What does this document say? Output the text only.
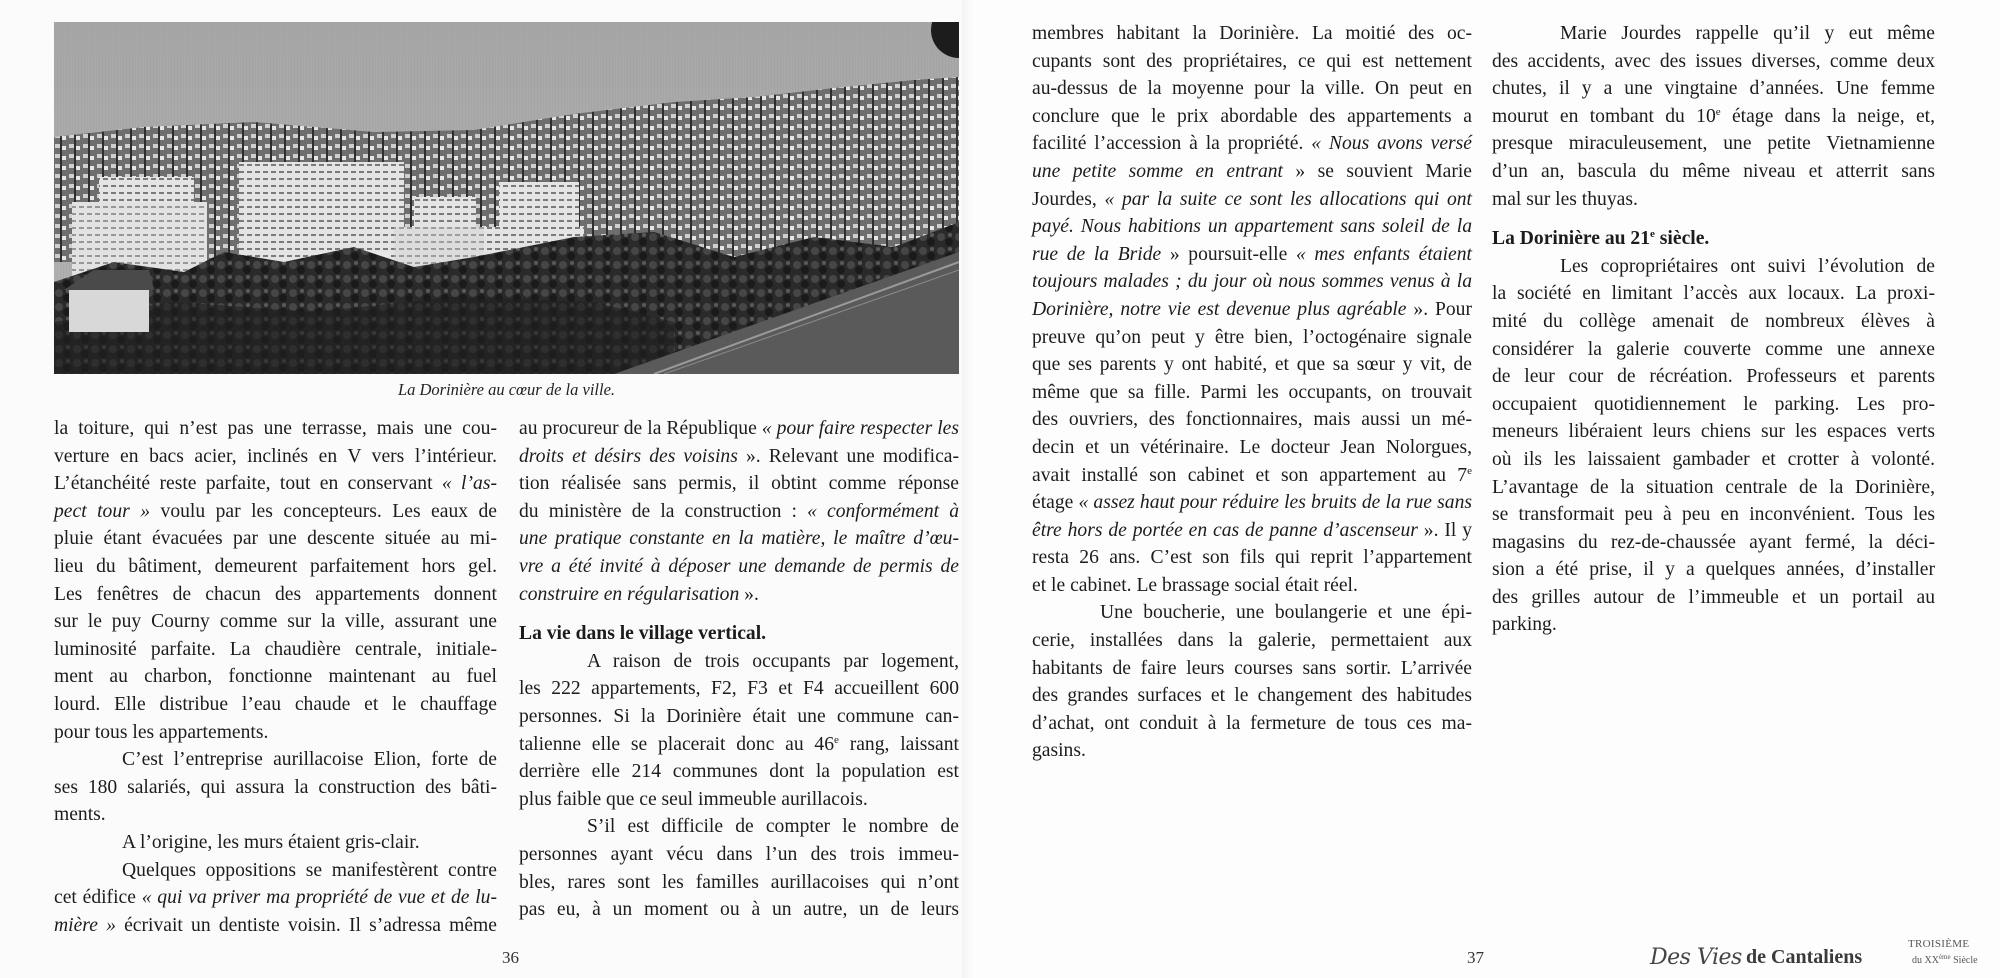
La Dorinière au cœur de la ville.
la toiture, qui n’est pas une terrasse, mais une cou-
verture en bacs acier, inclinés en V vers l’intérieur.
L’étanchéité reste parfaite, tout en conservant « l’as-
pect tour » voulu par les concepteurs. Les eaux de
pluie étant évacuées par une descente située au mi-
lieu du bâtiment, demeurent parfaitement hors gel.
Les fenêtres de chacun des appartements donnent
sur le puy Courny comme sur la ville, assurant une
luminosité parfaite. La chaudière centrale, initiale-
ment au charbon, fonctionne maintenant au fuel
lourd. Elle distribue l’eau chaude et le chauffage
pour tous les appartements.
C’est l’entreprise aurillacoise Elion, forte de
ses 180 salariés, qui assura la construction des bâti-
ments.
A l’origine, les murs étaient gris-clair.
Quelques oppositions se manifestèrent contre
cet édifice « qui va priver ma propriété de vue et de lu-
mière » écrivait un dentiste voisin. Il s’adressa même
au procureur de la République « pour faire respecter les
droits et désirs des voisins ». Relevant une modifica-
tion réalisée sans permis, il obtint comme réponse
du ministère de la construction : « conformément à
une pratique constante en la matière, le maître d’œu-
vre a été invité à déposer une demande de permis de
construire en régularisation ».
La vie dans le village vertical.
A raison de trois occupants par logement,
les 222 appartements, F2, F3 et F4 accueillent 600
personnes. Si la Dorinière était une commune can-
talienne elle se placerait donc au 46e rang, laissant
derrière elle 214 communes dont la population est
plus faible que ce seul immeuble aurillacois.
S’il est difficile de compter le nombre de
personnes ayant vécu dans l’un des trois immeu-
bles, rares sont les familles aurillacoises qui n’ont
pas eu, à un moment ou à un autre, un de leurs
36
membres habitant la Dorinière. La moitié des oc-
cupants sont des propriétaires, ce qui est nettement
au-dessus de la moyenne pour la ville. On peut en
conclure que le prix abordable des appartements a
facilité l’accession à la propriété. « Nous avons versé
une petite somme en entrant » se souvient Marie
Jourdes, « par la suite ce sont les allocations qui ont
payé. Nous habitions un appartement sans soleil de la
rue de la Bride » poursuit-elle « mes enfants étaient
toujours malades ; du jour où nous sommes venus à la
Dorinière, notre vie est devenue plus agréable ». Pour
preuve qu’on peut y être bien, l’octogénaire signale
que ses parents y ont habité, et que sa sœur y vit, de
même que sa fille. Parmi les occupants, on trouvait
des ouvriers, des fonctionnaires, mais aussi un mé-
decin et un vétérinaire. Le docteur Jean Nolorgues,
avait installé son cabinet et son appartement au 7e
étage « assez haut pour réduire les bruits de la rue sans
être hors de portée en cas de panne d’ascenseur ». Il y
resta 26 ans. C’est son fils qui reprit l’appartement
et le cabinet. Le brassage social était réel.
Une boucherie, une boulangerie et une épi-
cerie, installées dans la galerie, permettaient aux
habitants de faire leurs courses sans sortir. L’arrivée
des grandes surfaces et le changement des habitudes
d’achat, ont conduit à la fermeture de tous ces ma-
gasins.
Marie Jourdes rappelle qu’il y eut même
des accidents, avec des issues diverses, comme deux
chutes, il y a une vingtaine d’années. Une femme
mourut en tombant du 10e étage dans la neige, et,
presque miraculeusement, une petite Vietnamienne
d’un an, bascula du même niveau et atterrit sans
mal sur les thuyas.
La Dorinière au 21e siècle.
Les copropriétaires ont suivi l’évolution de
la société en limitant l’accès aux locaux. La proxi-
mité du collège amenait de nombreux élèves à
considérer la galerie couverte comme une annexe
de leur cour de récréation. Professeurs et parents
occupaient quotidiennement le parking. Les pro-
meneurs libéraient leurs chiens sur les espaces verts
où ils les laissaient gambader et crotter à volonté.
L’avantage de la situation centrale de la Dorinière,
se transformait peu à peu en inconvénient. Tous les
magasins du rez-de-chaussée ayant fermé, la déci-
sion a été prise, il y a quelques années, d’installer
des grilles autour de l’immeuble et un portail au
parking.
37	Des Vies de Cantaliens
TROISIÈME
du XXème Siècle
